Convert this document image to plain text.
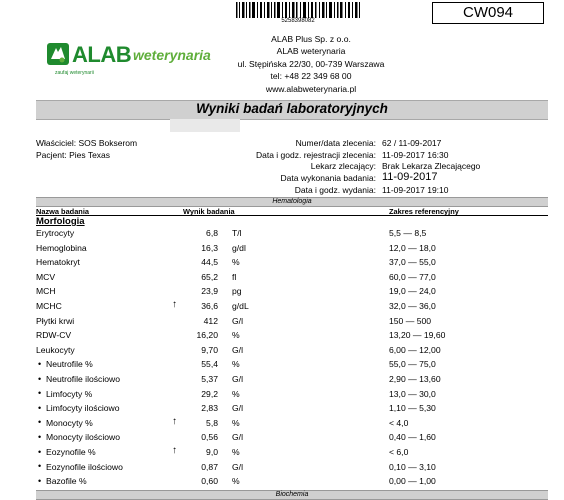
5258398082	CW094
ALAB weterynaria
zaufaj weterynarii
ALAB Plus Sp. z o.o.
ALAB weterynaria
ul. Stępińska 22/30, 00-739 Warszawa
tel: +48 22 349 68 00
www.alabweterynaria.pl
Wyniki badań laboratoryjnych
Właściciel: SOS Bokserom
Pacjent: Pies Texas
Numer/data zlecenia: 62 / 11-09-2017
Data i godz. rejestracji zlecenia: 11-09-2017 16:30
Lekarz zlecający: Brak Lekarza Zlecającego
Data wykonania badania: 11-09-2017
Data i godz. wydania: 11-09-2017 19:10
Hematologia
Nazwa badania	Wynik badania	Zakres referencyjny
Morfologia
Erytrocyty	6,8 T/l	5,5 — 8,5
Hemoglobina	16,3 g/dl	12,0 — 18,0
Hematokryt	44,5 %	37,0 — 55,0
MCV	65,2 fl	60,0 — 77,0
MCH	23,9 pg	19,0 — 24,0
MCHC	↑	36,6 g/dL	32,0 — 36,0
Płytki krwi	412 G/l	150 — 500
RDW-CV	16,20 %	13,20 — 19,60
Leukocyty	9,70 G/l	6,00 — 12,00
• Neutrofile %	55,4 %	55,0 — 75,0
• Neutrofile ilościowo	5,37 G/l	2,90 — 13,60
• Limfocyty %	29,2 %	13,0 — 30,0
• Limfocyty ilościowo	2,83 G/l	1,10 — 5,30
• Monocyty %	↑	5,8 %	< 4,0
• Monocyty ilościowo	0,56 G/l	0,40 — 1,60
• Eozynofile %	↑	9,0 %	< 6,0
• Eozynofile ilościowo	0,87 G/l	0,10 — 3,10
• Bazofile %	0,60 %	0,00 — 1,00
Biochemia
